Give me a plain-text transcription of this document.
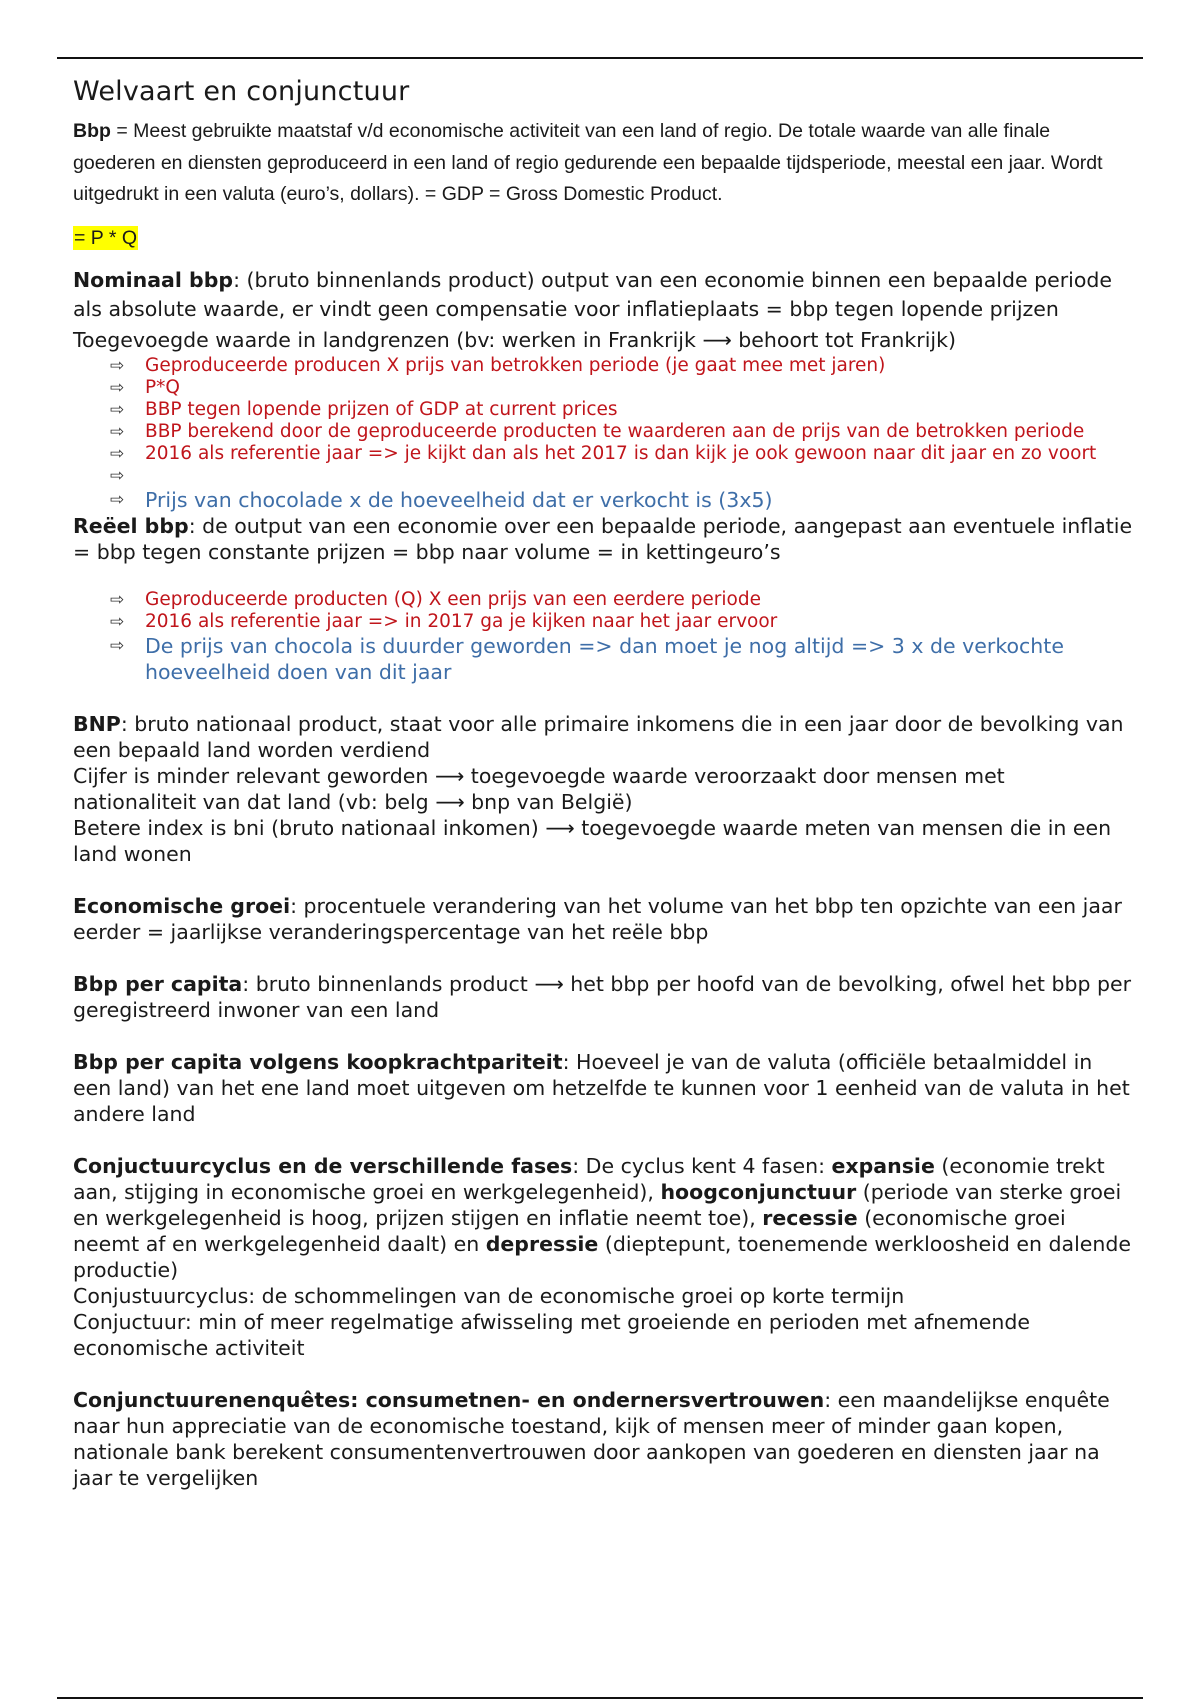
Welvaart en conjunctuur

Bbp = Meest gebruikte maatstaf v/d economische activiteit van een land of regio. De totale waarde van alle finale goederen en diensten geproduceerd in een land of regio gedurende een bepaalde tijdsperiode, meestal een jaar. Wordt uitgedrukt in een valuta (euro’s, dollars). = GDP = Gross Domestic Product.

= P * Q

Nominaal bbp: (bruto binnenlands product) output van een economie binnen een bepaalde periode als absolute waarde, er vindt geen compensatie voor inflatieplaats = bbp tegen lopende prijzen

Toegevoegde waarde in landgrenzen (bv: werken in Frankrijk ⟶ behoort tot Frankrijk)

⇨ Geproduceerde producen X prijs van betrokken periode (je gaat mee met jaren)
⇨ P*Q
⇨ BBP tegen lopende prijzen of GDP at current prices
⇨ BBP berekend door de geproduceerde producten te waarderen aan de prijs van de betrokken periode
⇨ 2016 als referentie jaar => je kijkt dan als het 2017 is dan kijk je ook gewoon naar dit jaar en zo voort
⇨
⇨ Prijs van chocolade x de hoeveelheid dat er verkocht is (3x5)

Reëel bbp: de output van een economie over een bepaalde periode, aangepast aan eventuele inflatie = bbp tegen constante prijzen = bbp naar volume = in kettingeuro’s

⇨ Geproduceerde producten (Q) X een prijs van een eerdere periode
⇨ 2016 als referentie jaar => in 2017 ga je kijken naar het jaar ervoor
⇨ De prijs van chocola is duurder geworden => dan moet je nog altijd => 3 x de verkochte hoeveelheid doen van dit jaar

BNP: bruto nationaal product, staat voor alle primaire inkomens die in een jaar door de bevolking van een bepaald land worden verdiend

Cijfer is minder relevant geworden ⟶ toegevoegde waarde veroorzaakt door mensen met nationaliteit van dat land (vb: belg ⟶ bnp van België)

Betere index is bni (bruto nationaal inkomen) ⟶ toegevoegde waarde meten van mensen die in een land wonen

Economische groei: procentuele verandering van het volume van het bbp ten opzichte van een jaar eerder = jaarlijkse veranderingspercentage van het reële bbp

Bbp per capita: bruto binnenlands product ⟶ het bbp per hoofd van de bevolking, ofwel het bbp per geregistreerd inwoner van een land

Bbp per capita volgens koopkrachtpariteit: Hoeveel je van de valuta (officiële betaalmiddel in een land) van het ene land moet uitgeven om hetzelfde te kunnen voor 1 eenheid van de valuta in het andere land

Conjuctuurcyclus en de verschillende fases: De cyclus kent 4 fasen: expansie (economie trekt aan, stijging in economische groei en werkgelegenheid), hoogconjunctuur (periode van sterke groei en werkgelegenheid is hoog, prijzen stijgen en inflatie neemt toe), recessie (economische groei neemt af en werkgelegenheid daalt) en depressie (dieptepunt, toenemende werkloosheid en dalende productie)

Conjustuurcyclus: de schommelingen van de economische groei op korte termijn

Conjuctuur: min of meer regelmatige afwisseling met groeiende en perioden met afnemende economische activiteit

Conjunctuurenenquêtes: consumetnen- en ondernersvertrouwen: een maandelijkse enquête naar hun appreciatie van de economische toestand, kijk of mensen meer of minder gaan kopen, nationale bank berekent consumentenvertrouwen door aankopen van goederen en diensten jaar na jaar te vergelijken
